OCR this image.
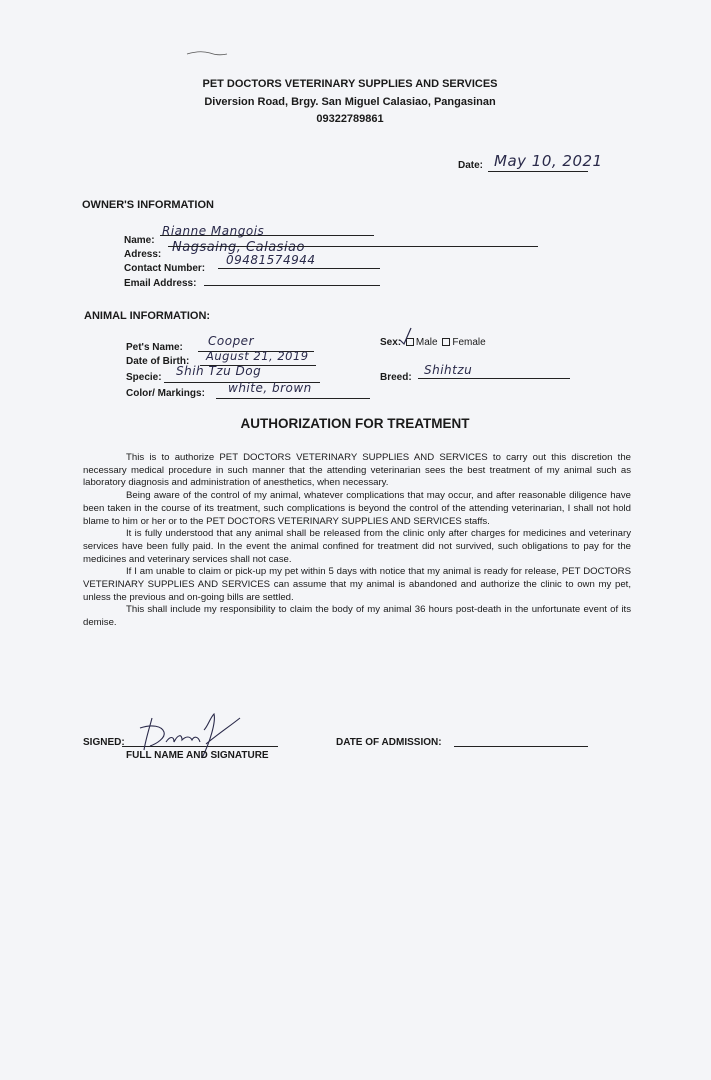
PET DOCTORS VETERINARY SUPPLIES AND SERVICES
Diversion Road, Brgy. San Miguel Calasiao, Pangasinan
09322789861
Date: May 10, 2021
OWNER'S INFORMATION
Name:
Rianne Mangois
Adress: Nagsaing, Calasiao
Contact Number:
09481574944
Email Address:
ANIMAL INFORMATION:
Pet's Name: Cooper
Date of Birth: August 21, 2019
Specie: Shih Tzu Dog
Color/ Markings: white, brown
Sex: Male Female
Breed:
Shihtzu
AUTHORIZATION FOR TREATMENT

This is to authorize PET DOCTORS VETERINARY SUPPLIES AND SERVICES to carry out this discretion the necessary medical procedure in such manner that the attending veterinarian sees the best treatment of my animal such as laboratory diagnosis and administration of anesthetics, when necessary.

Being aware of the control of my animal, whatever complications that may occur, and after reasonable diligence have been taken in the course of its treatment, such complications is beyond the control of the attending veterinarian, I shall not hold blame to him or her or to the PET DOCTORS VETERINARY SUPPLIES AND SERVICES staffs.

It is fully understood that any animal shall be released from the clinic only after charges for medicines and veterinary services have been fully paid. In the event the animal confined for treatment did not survived, such obligations to pay for the medicines and veterinary services shall not case.

If I am unable to claim or pick-up my pet within 5 days with notice that my animal is ready for release, PET DOCTORS VETERINARY SUPPLIES AND SERVICES can assume that my animal is abandoned and authorize the clinic to own my pet, unless the previous and on-going bills are settled.

This shall include my responsibility to claim the body of my animal 36 hours post-death in the unfortunate event of its demise.

SIGNED:
FULL NAME AND SIGNATURE
DATE OF ADMISSION:
